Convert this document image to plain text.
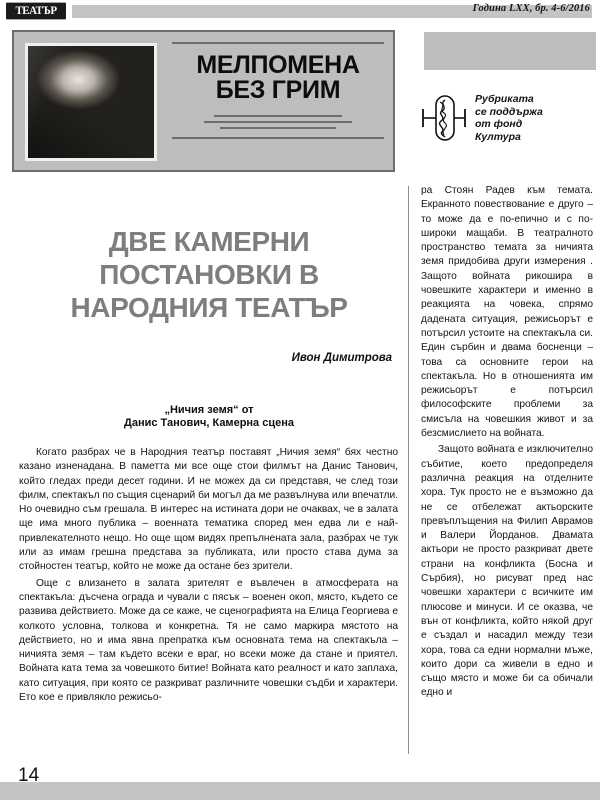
ТЕАТЪР	Година LXX, бр. 4-6/2016
МЕЛПОМЕНА
БЕЗ ГРИМ	Рубриката
се поддържа
от фонд
Култура
ДВЕ КАМЕРНИ
ПОСТАНОВКИ В
НАРОДНИЯ ТЕАТЪР
Ивон Димитрова
„Ничия земя“ от
Данис Танович, Камерна сцена

Когато разбрах че в Народния театър поставят „Ничия земя“ бях честно казано изненадана. В паметта ми все още стои филмът на Данис Танович, който гледах преди десет години. И не можех да си представя, че след този филм, спектакъл по същия сценарий би могъл да ме развълнува или впечатли. Но очевидно съм грешала. В интерес на истината дори не очаквах, че в залата ще има много публика – военната тематика според мен едва ли е най-привлекателното нещо. Но още щом видях препълнената зала, разбрах че тук или аз имам грешна представа за публиката, или просто става дума за стойностен театър, който не може да остане без зрители.

Още с влизането в залата зрителят е въвлечен в атмосферата на спектакъла: дъсчена ограда и чували с пясък – военен окоп, място, където се развива действието. Може да се каже, че сценографията на Елица Георгиева е колкото условна, толкова и конкретна. Тя не само маркира мястото на действието, но и има явна препратка към основната тема на спектакъла – ничията земя – там където всеки е враг, но всеки може да стане и приятел. Войната ката тема за човешкото битие! Войната като реалност и като заплаха, като ситуация, при която се разкриват различните човешки съдби и характери. Ето кое е привлякло режисьо-

ра Стоян Радев към темата. Екранното повествование е друго – то може да е по-епично и с по-широки мащаби. В театралното пространство темата за ничията земя придобива други измерения . Защото войната рикошира в човешките характери и именно в реакцията на човека, спрямо дадената ситуация, режисьорът е потърсил устоите на спектакъла си. Един сърбин и двама босненци – това са основните герои на спектакъла. Но в отношенията им режисьорът е потърсил философските проблеми за смисъла на човешкия живот и за безсмислието на войната.

Защото войната е изключително събитие, което предопределя различна реакция на отделните хора. Тук просто не е възможно да не се отбележат актьорските превъплъщения на Филип Аврамов и Валери Йорданов. Двамата актьори не просто разкриват двете страни на конфликта (Босна и Сърбия), но рисуват пред нас човешки характери с всичките им плюсове и минуси. И се оказва, че вън от конфликта, който някой друг е създал и насадил между тези хора, това са едни нормални мъже, които дори са живели в едно и също място и може би са обичали едно и

14
